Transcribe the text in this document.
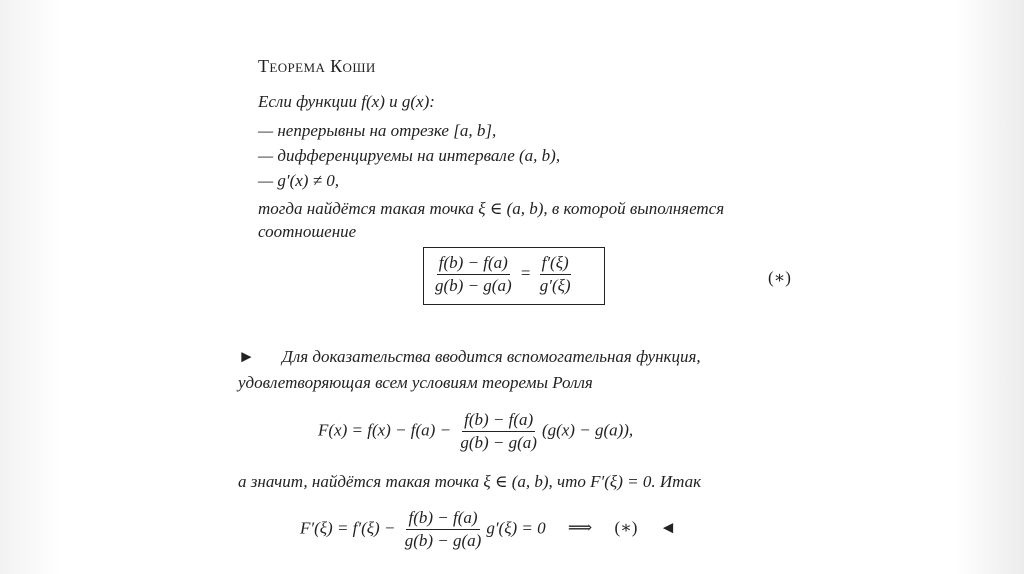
Теорема Коши
Если функции f(x) и g(x):
— непрерывны на отрезке [a, b],
— дифференцируемы на интервале (a, b),
— g′(x) ≠ 0,
тогда найдётся такая точка ξ ∈ (a, b), в которой выполняется
соотношение
$\frac{f(b) - f(a)}{g(b) - g(a)} = \frac{f'(\xi)}{g'(\xi)}$	(∗)
► Для доказательства вводится вспомогательная функция,
удовлетворяющая всем условиям теоремы Ролля
$F(x) = f(x) - f(a) - \frac{f(b) - f(a)}{g(b) - g(a)} (g(x) - g(a))$,
а значит, найдётся такая точка ξ ∈ (a, b), что F′(ξ) = 0. Итак
$F'(\xi) = f'(\xi) - \frac{f(b) - f(a)}{g(b) - g(a)} g'(\xi) = 0$ ⟹ (∗) ◄
